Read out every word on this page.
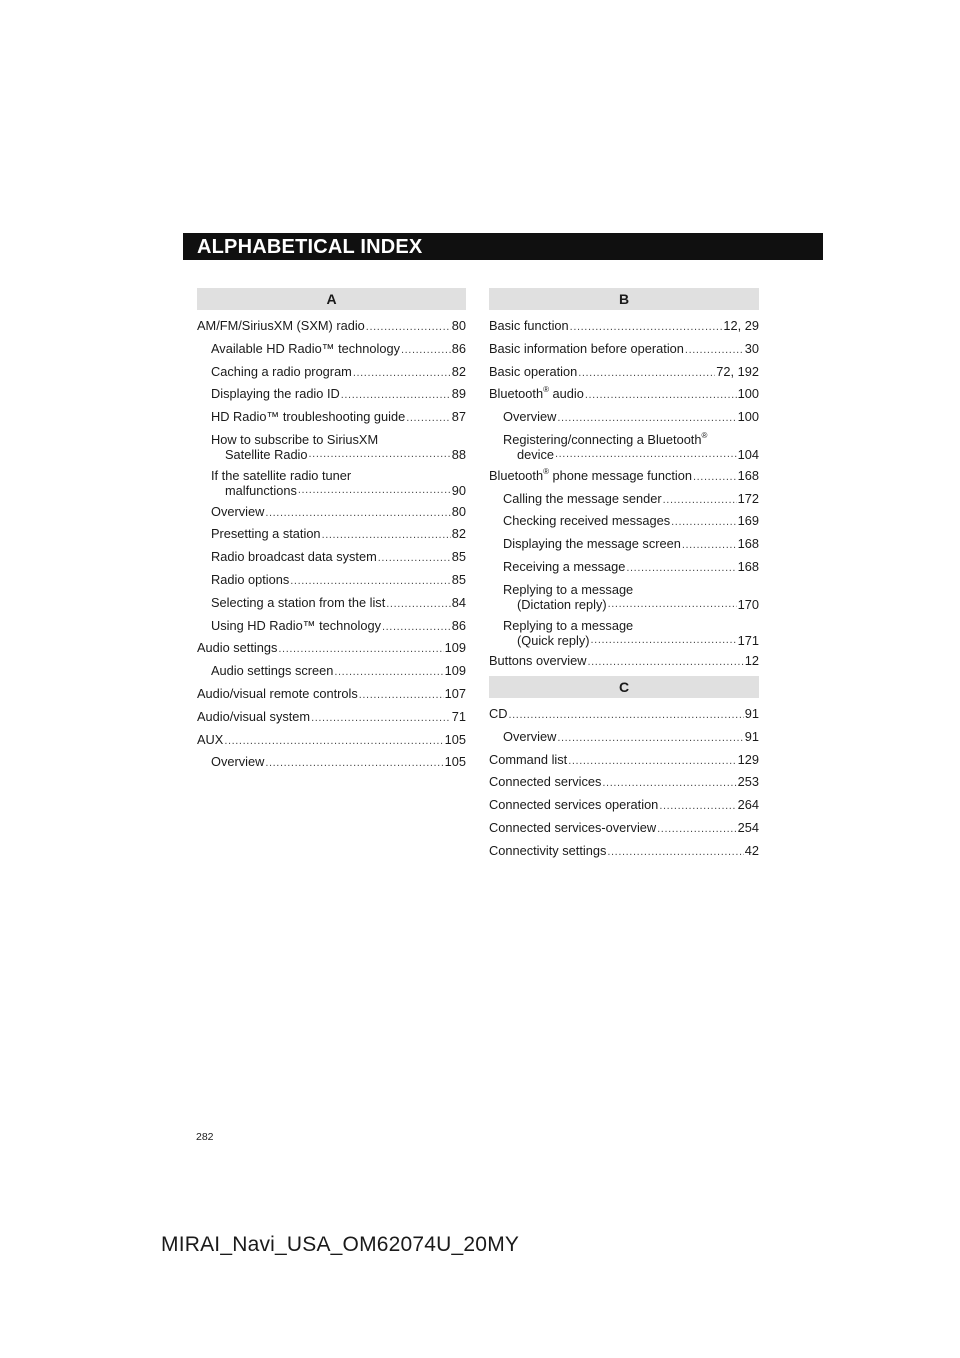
ALPHABETICAL INDEX
A
AM/FM/SiriusXM (SXM) radio .....	80
Available HD Radio™ technology .....	86
Caching a radio program .....	82
Displaying the radio ID .....	89
HD Radio™ troubleshooting guide .....	87
How to subscribe to SiriusXM
Satellite Radio .....	88
If the satellite radio tuner
malfunctions .....	90
Overview .....	80
Presetting a station .....	82
Radio broadcast data system .....	85
Radio options .....	85
Selecting a station from the list .....	84
Using HD Radio™ technology .....	86
Audio settings .....	109
Audio settings screen .....	109
Audio/visual remote controls .....	107
Audio/visual system .....	71
AUX .....	105
Overview .....	105
B
Basic function .....	12, 29
Basic information before operation .....	30
Basic operation .....	72, 192
Bluetooth® audio .....	100
Overview .....	100
Registering/connecting a Bluetooth®
device .....	104
Bluetooth® phone message function .....	168
Calling the message sender .....	172
Checking received messages .....	169
Displaying the message screen .....	168
Receiving a message .....	168
Replying to a message
(Dictation reply) .....	170
Replying to a message
(Quick reply) .....	171
Buttons overview .....	12
C
CD .....	91
Overview .....	91
Command list .....	129
Connected services .....	253
Connected services operation .....	264
Connected services-overview .....	254
Connectivity settings .....	42
282
MIRAI_Navi_USA_OM62074U_20MY
